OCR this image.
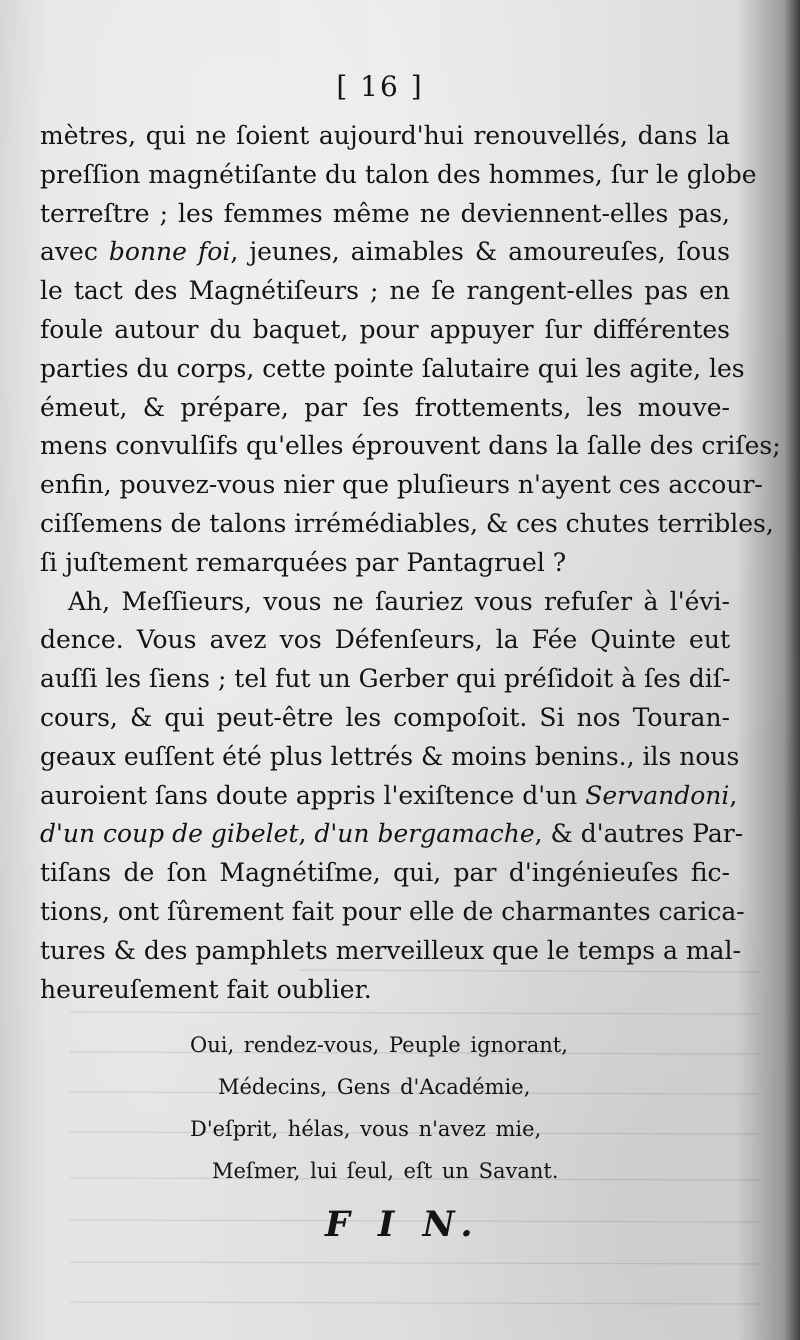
[ 16 ]
mètres, qui ne ſoient aujourd'hui renouvellés, dans la
preſſion magnétiſante du talon des hommes, ſur le globe
terreſtre ; les femmes même ne deviennent-elles pas,
avec bonne foi, jeunes, aimables & amoureuſes, ſous
le tact des Magnétiſeurs ; ne ſe rangent-elles pas en
foule autour du baquet, pour appuyer ſur différentes
parties du corps, cette pointe ſalutaire qui les agite, les
émeut, & prépare, par ſes frottements, les mouve-
mens convulſifs qu'elles éprouvent dans la ſalle des criſes;
enfin, pouvez-vous nier que pluſieurs n'ayent ces accour-
ciſſemens de talons irrémédiables, & ces chutes terribles,
ſi juſtement remarquées par Pantagruel ?
Ah, Meſſieurs, vous ne ſauriez vous refuſer à l'évi-
dence. Vous avez vos Défenſeurs, la Fée Quinte eut
auſſi les ſiens ; tel fut un Gerber qui préſidoit à ſes diſ-
cours, & qui peut-être les compoſoit. Si nos Touran-
geaux euſſent été plus lettrés & moins benins., ils nous
auroient ſans doute appris l'exiſtence d'un Servandoni,
d'un coup de gibelet, d'un bergamache, & d'autres Par-
tiſans de ſon Magnétiſme, qui, par d'ingénieuſes fic-
tions, ont ſûrement fait pour elle de charmantes carica-
tures & des pamphlets merveilleux que le temps a mal-
heureuſement fait oublier.
Oui, rendez-vous, Peuple ignorant,
Médecins, Gens d'Académie,
D'eſprit, hélas, vous n'avez mie,
Meſmer, lui ſeul, eſt un Savant.
F I N.
